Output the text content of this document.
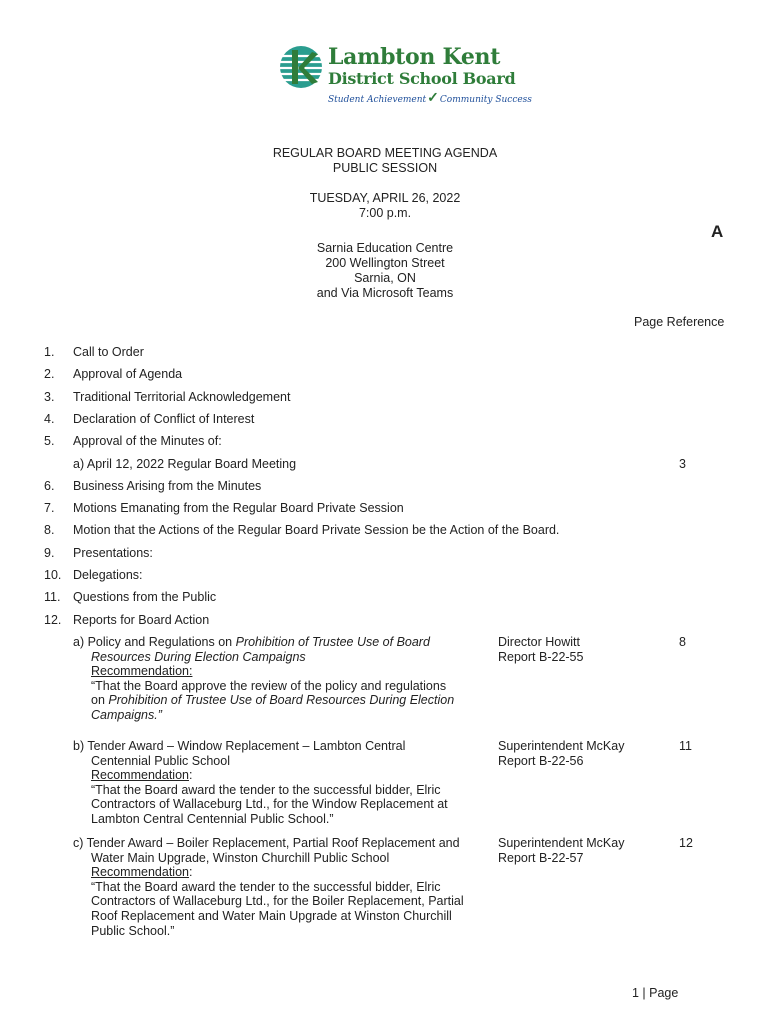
Lambton Kent
District School Board
Student Achievement✓Community Success
REGULAR BOARD MEETING AGENDA
PUBLIC SESSION
TUESDAY, APRIL 26, 2022
7:00 p.m.
A
Sarnia Education Centre
200 Wellington Street
Sarnia, ON
and Via Microsoft Teams
Page Reference
1. Call to Order
2. Approval of Agenda
3. Traditional Territorial Acknowledgement
4. Declaration of Conflict of Interest
5. Approval of the Minutes of:
a) April 12, 2022 Regular Board Meeting	3
6. Business Arising from the Minutes
7. Motions Emanating from the Regular Board Private Session
8. Motion that the Actions of the Regular Board Private Session be the Action of the Board.
9. Presentations:
10. Delegations:
11. Questions from the Public
12. Reports for Board Action
a) Policy and Regulations on Prohibition of Trustee Use of Board
Resources During Election Campaigns
Recommendation:
“That the Board approve the review of the policy and regulations
on Prohibition of Trustee Use of Board Resources During Election
Campaigns.”
Director Howitt
Report B-22-55
8
b) Tender Award – Window Replacement – Lambton Central
Centennial Public School
Recommendation:
“That the Board award the tender to the successful bidder, Elric
Contractors of Wallaceburg Ltd., for the Window Replacement at
Lambton Central Centennial Public School.”
Superintendent McKay
Report B-22-56
11
c) Tender Award – Boiler Replacement, Partial Roof Replacement and
Water Main Upgrade, Winston Churchill Public School
Recommendation:
“That the Board award the tender to the successful bidder, Elric
Contractors of Wallaceburg Ltd., for the Boiler Replacement, Partial
Roof Replacement and Water Main Upgrade at Winston Churchill
Public School.”
Superintendent McKay
Report B-22-57
12
1 | Page
